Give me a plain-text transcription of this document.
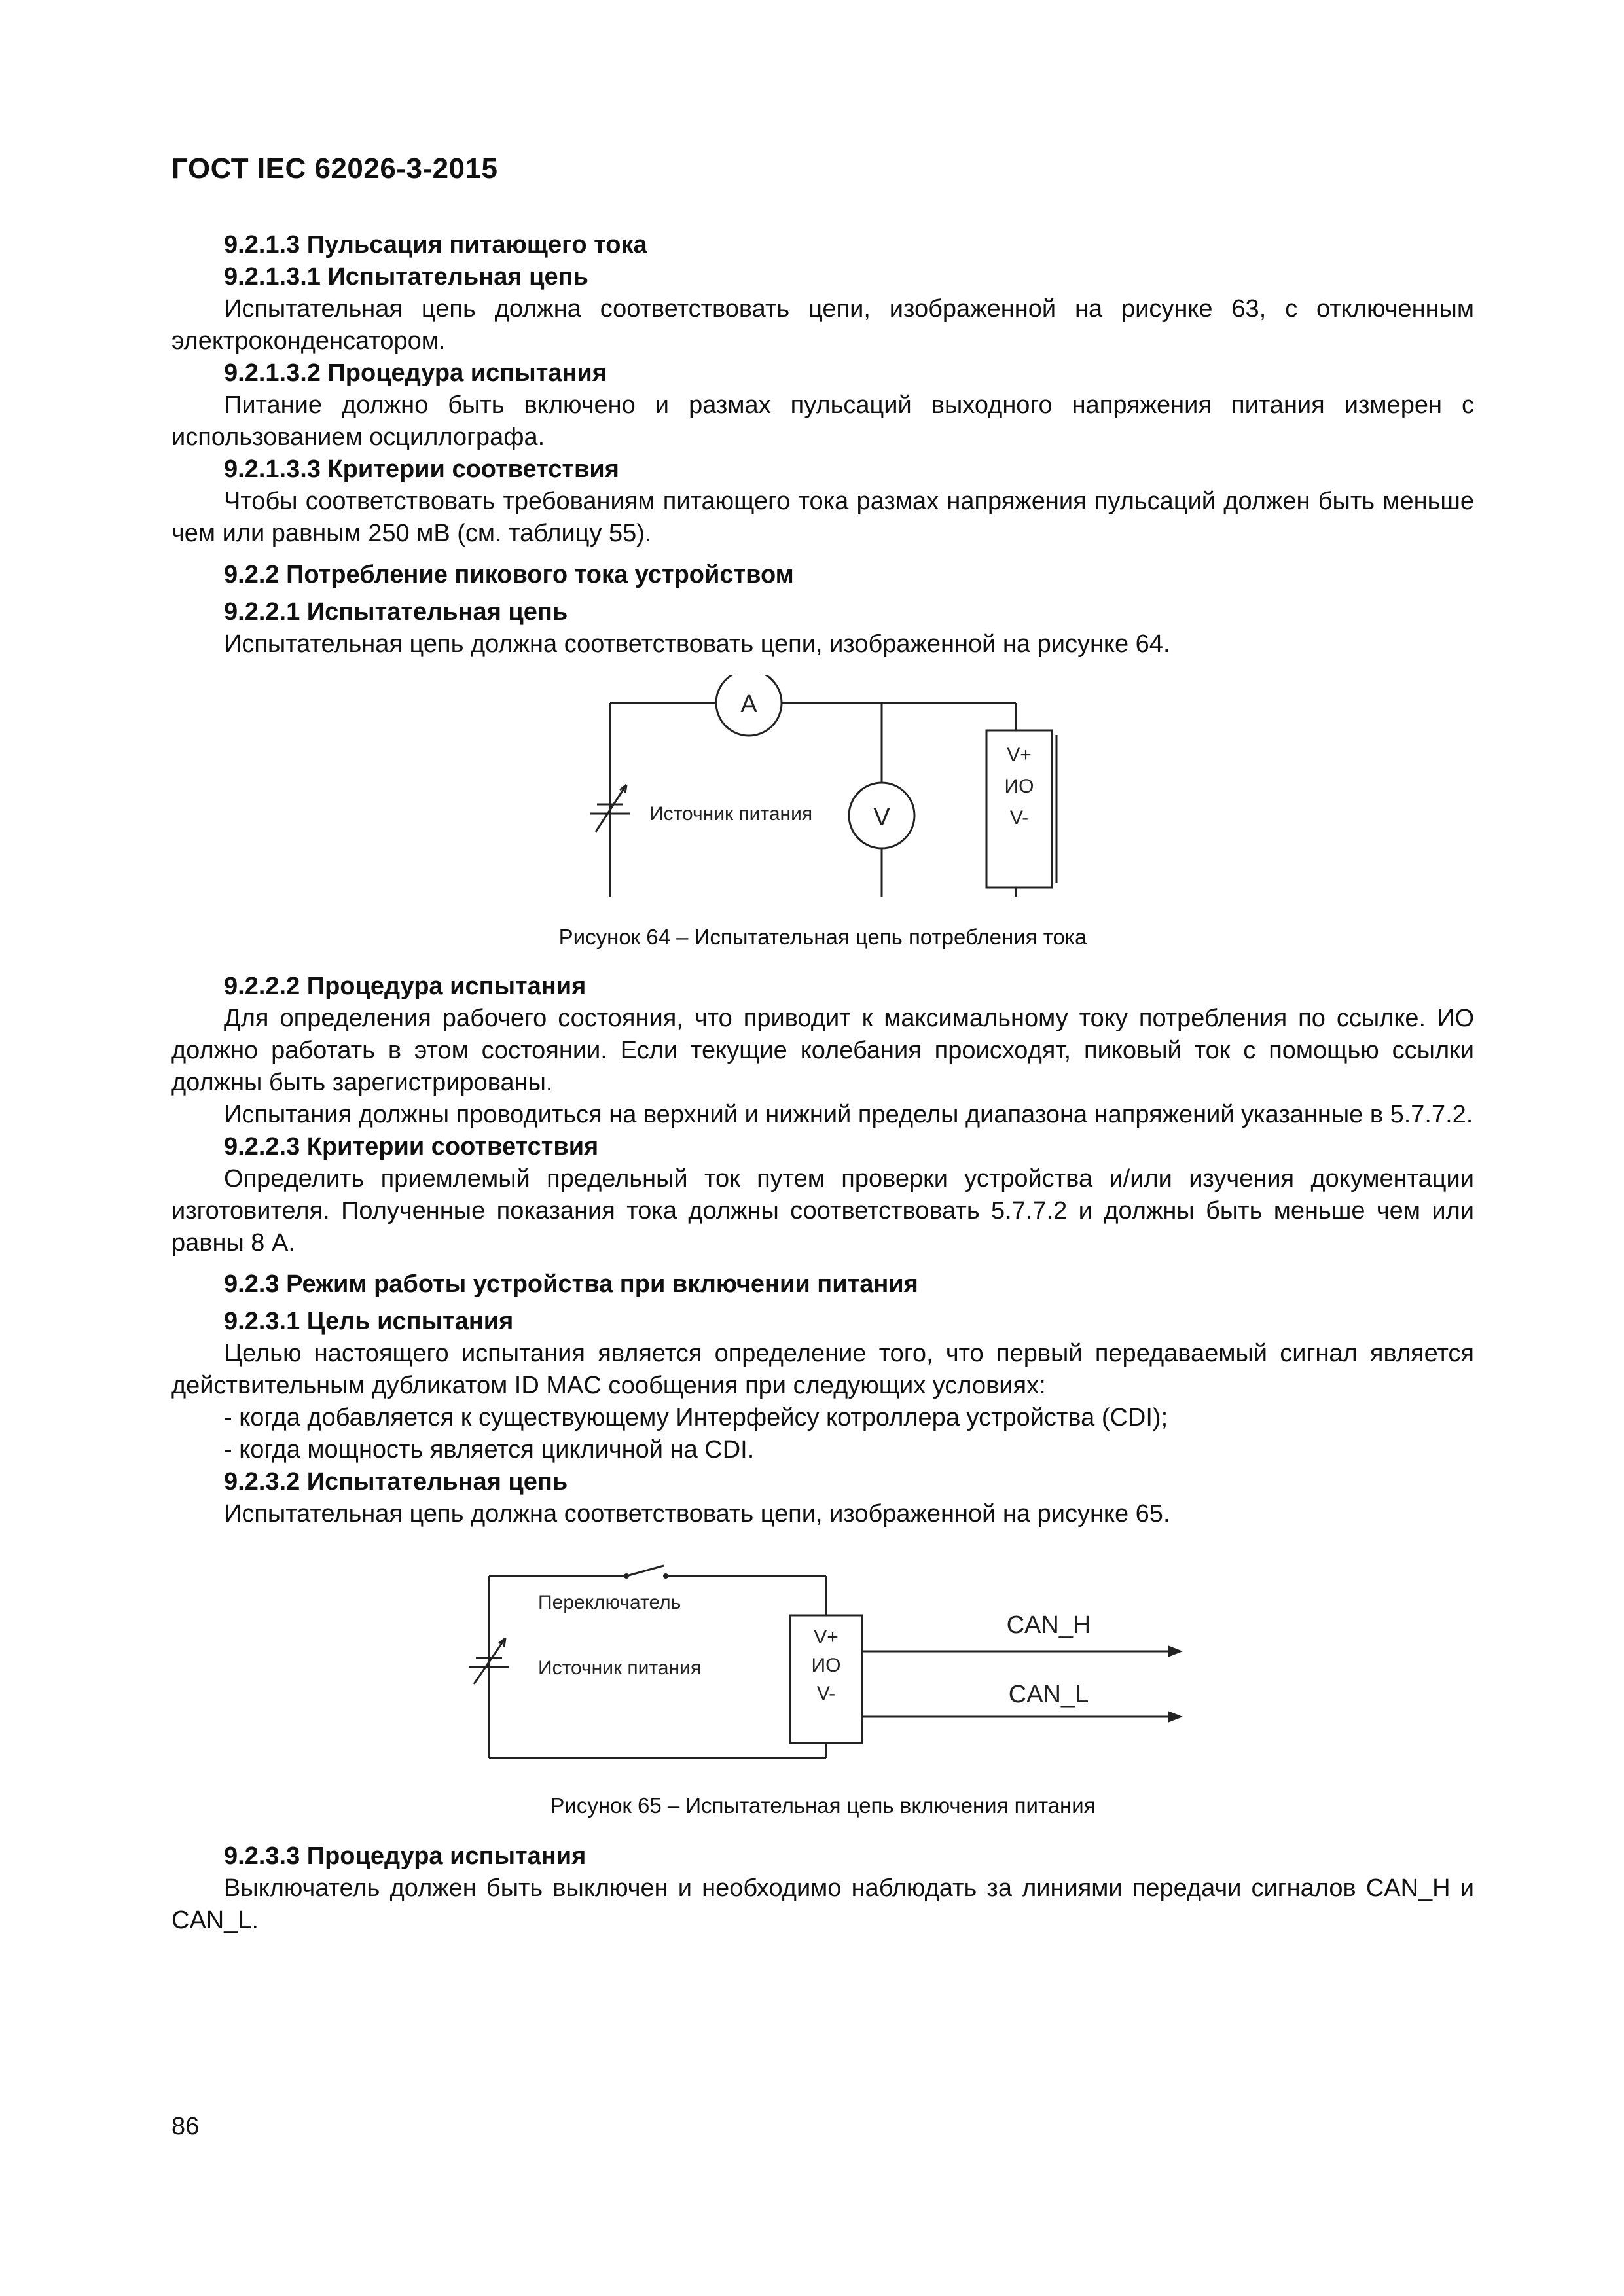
ГОСТ IEC 62026-3-2015
9.2.1.3 Пульсация питающего тока
9.2.1.3.1 Испытательная цепь

Испытательная цепь должна соответствовать цепи, изображенной на рисунке 63, с отключенным электроконденсатором.

9.2.1.3.2 Процедура испытания

Питание должно быть включено и размах пульсаций выходного напряжения питания измерен с использованием осциллографа.

9.2.1.3.3 Критерии соответствия

Чтобы соответствовать требованиям питающего тока размах напряжения пульсаций должен быть меньше чем или равным 250 мВ (см. таблицу 55).

9.2.2 Потребление пикового тока устройством
9.2.2.1 Испытательная цепь

Испытательная цепь должна соответствовать цепи, изображенной на рисунке 64.

A
V
Источник питания
V+
ИО
V-
Рисунок 64 – Испытательная цепь потребления тока
9.2.2.2 Процедура испытания

Для определения рабочего состояния, что приводит к максимальному току потребления по ссылке. ИО должно работать в этом состоянии. Если текущие колебания происходят, пиковый ток с помощью ссылки должны быть зарегистрированы.

Испытания должны проводиться на верхний и нижний пределы диапазона напряжений указанные в 5.7.7.2.

9.2.2.3 Критерии соответствия

Определить приемлемый предельный ток путем проверки устройства и/или изучения документации изготовителя. Полученные показания тока должны соответствовать 5.7.7.2 и должны быть меньше чем или равны 8 А.

9.2.3 Режим работы устройства при включении питания
9.2.3.1 Цель испытания

Целью настоящего испытания является определение того, что первый передаваемый сигнал является действительным дубликатом ID MAC сообщения при следующих условиях:

- когда добавляется к существующему Интерфейсу котроллера устройства (CDI);

- когда мощность является цикличной на CDI.

9.2.3.2 Испытательная цепь

Испытательная цепь должна соответствовать цепи, изображенной на рисунке 65.

Переключатель
Источник питания
V+
ИО
V-
CAN_H
CAN_L
Рисунок 65 – Испытательная цепь включения питания
9.2.3.3 Процедура испытания

Выключатель должен быть выключен и необходимо наблюдать за линиями передачи сигналов CAN_H и CAN_L.

86
